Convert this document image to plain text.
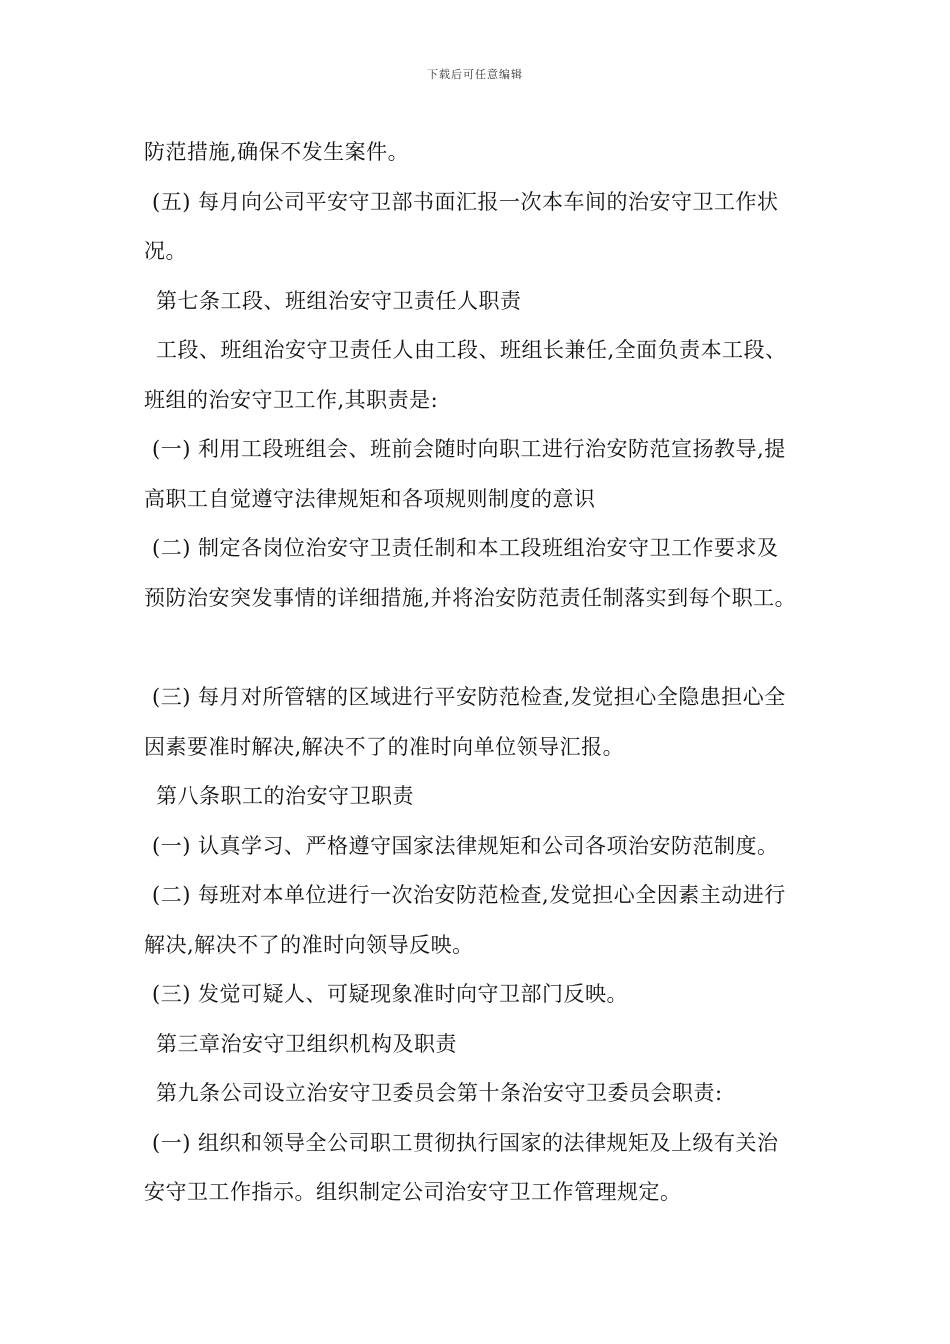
下载后可任意编辑
防范措施,确保不发生案件。
(五) 每月向公司平安守卫部书面汇报一次本车间的治安守卫工作状
况。
第七条工段、班组治安守卫责任人职责
工段、班组治安守卫责任人由工段、班组长兼任,全面负责本工段、
班组的治安守卫工作,其职责是:
(一) 利用工段班组会、班前会随时向职工进行治安防范宣扬教导,提
高职工自觉遵守法律规矩和各项规则制度的意识
(二) 制定各岗位治安守卫责任制和本工段班组治安守卫工作要求及
预防治安突发事情的详细措施,并将治安防范责任制落实到每个职工。
(三) 每月对所管辖的区域进行平安防范检查,发觉担心全隐患担心全
因素要准时解决,解决不了的准时向单位领导汇报。
第八条职工的治安守卫职责
(一) 认真学习、严格遵守国家法律规矩和公司各项治安防范制度。
(二) 每班对本单位进行一次治安防范检查,发觉担心全因素主动进行
解决,解决不了的准时向领导反映。
(三) 发觉可疑人、可疑现象准时向守卫部门反映。
第三章治安守卫组织机构及职责
第九条公司设立治安守卫委员会第十条治安守卫委员会职责:
(一) 组织和领导全公司职工贯彻执行国家的法律规矩及上级有关治
安守卫工作指示。组织制定公司治安守卫工作管理规定。
